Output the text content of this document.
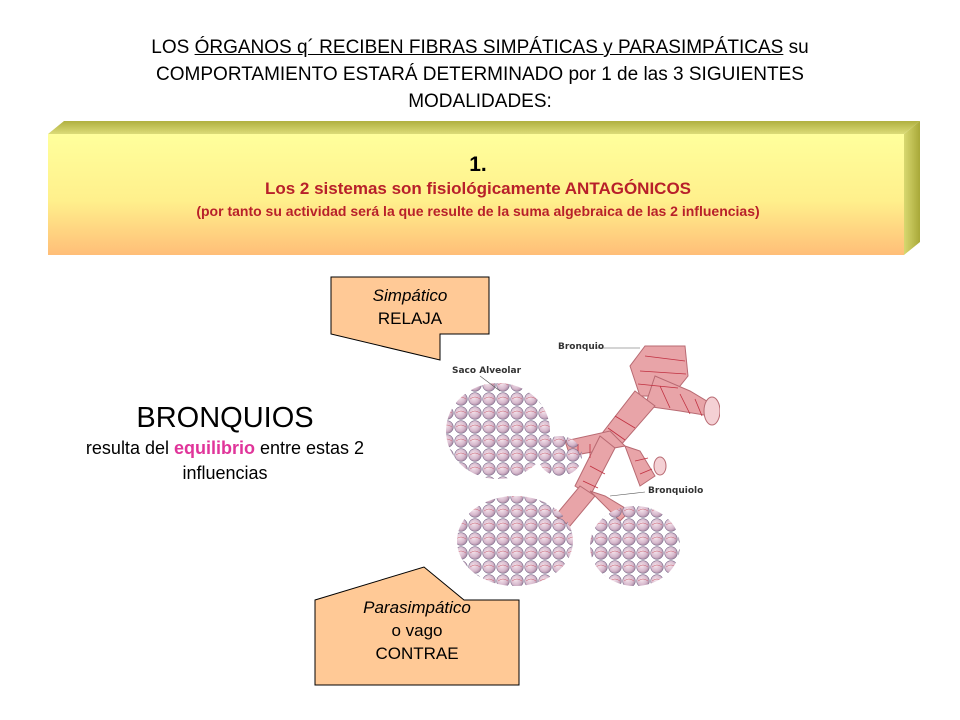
LOS ÓRGANOS q´ RECIBEN FIBRAS SIMPÁTICAS y PARASIMPÁTICAS su
COMPORTAMIENTO ESTARÁ DETERMINADO por 1 de las 3 SIGUIENTES
MODALIDADES:
1.
Los 2 sistemas son fisiológicamente ANTAGÓNICOS
(por tanto su actividad será la que resulte de la suma algebraica de las 2 influencias)
Bronquio
Saco Alveolar
Bronquiolo
Simpático
RELAJA
Parasimpático
o vago
CONTRAE
BRONQUIOS
resulta del equilibrio entre estas 2
influencias
